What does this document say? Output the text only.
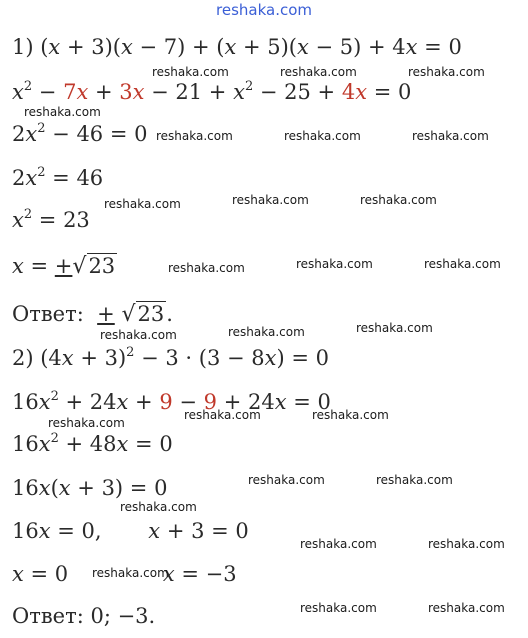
reshaka.com
1) (x + 3)(x − 7) + (x + 5)(x − 5) + 4x = 0
$x^2 - 7x + 3x - 21 + x^2 - 25 + 4x = 0$
$2x^2 - 46 = 0$
$2x^2 = 46$
$x^2 = 23$
x = +√23
Ответ:  + √23.
2) $(4x + 3)^2 - 3 \cdot (3 - 8x) = 0$
$16x^2 + 24x + 9 - 9 + 24x = 0$
$16x^2 + 48x = 0$
16x(x + 3) = 0
16x = 0,       x + 3 = 0
x = 0	x = −3
Ответ: 0; −3.
reshaka.com	reshaka.com	reshaka.com
reshaka.com
reshaka.com	reshaka.com	reshaka.com
reshaka.com	reshaka.com	reshaka.com
reshaka.com	reshaka.com	reshaka.com
reshaka.com	reshaka.com	reshaka.com
reshaka.com	reshaka.com
reshaka.com
reshaka.com	reshaka.com
reshaka.com
reshaka.com	reshaka.com
reshaka.com
reshaka.com	reshaka.com
